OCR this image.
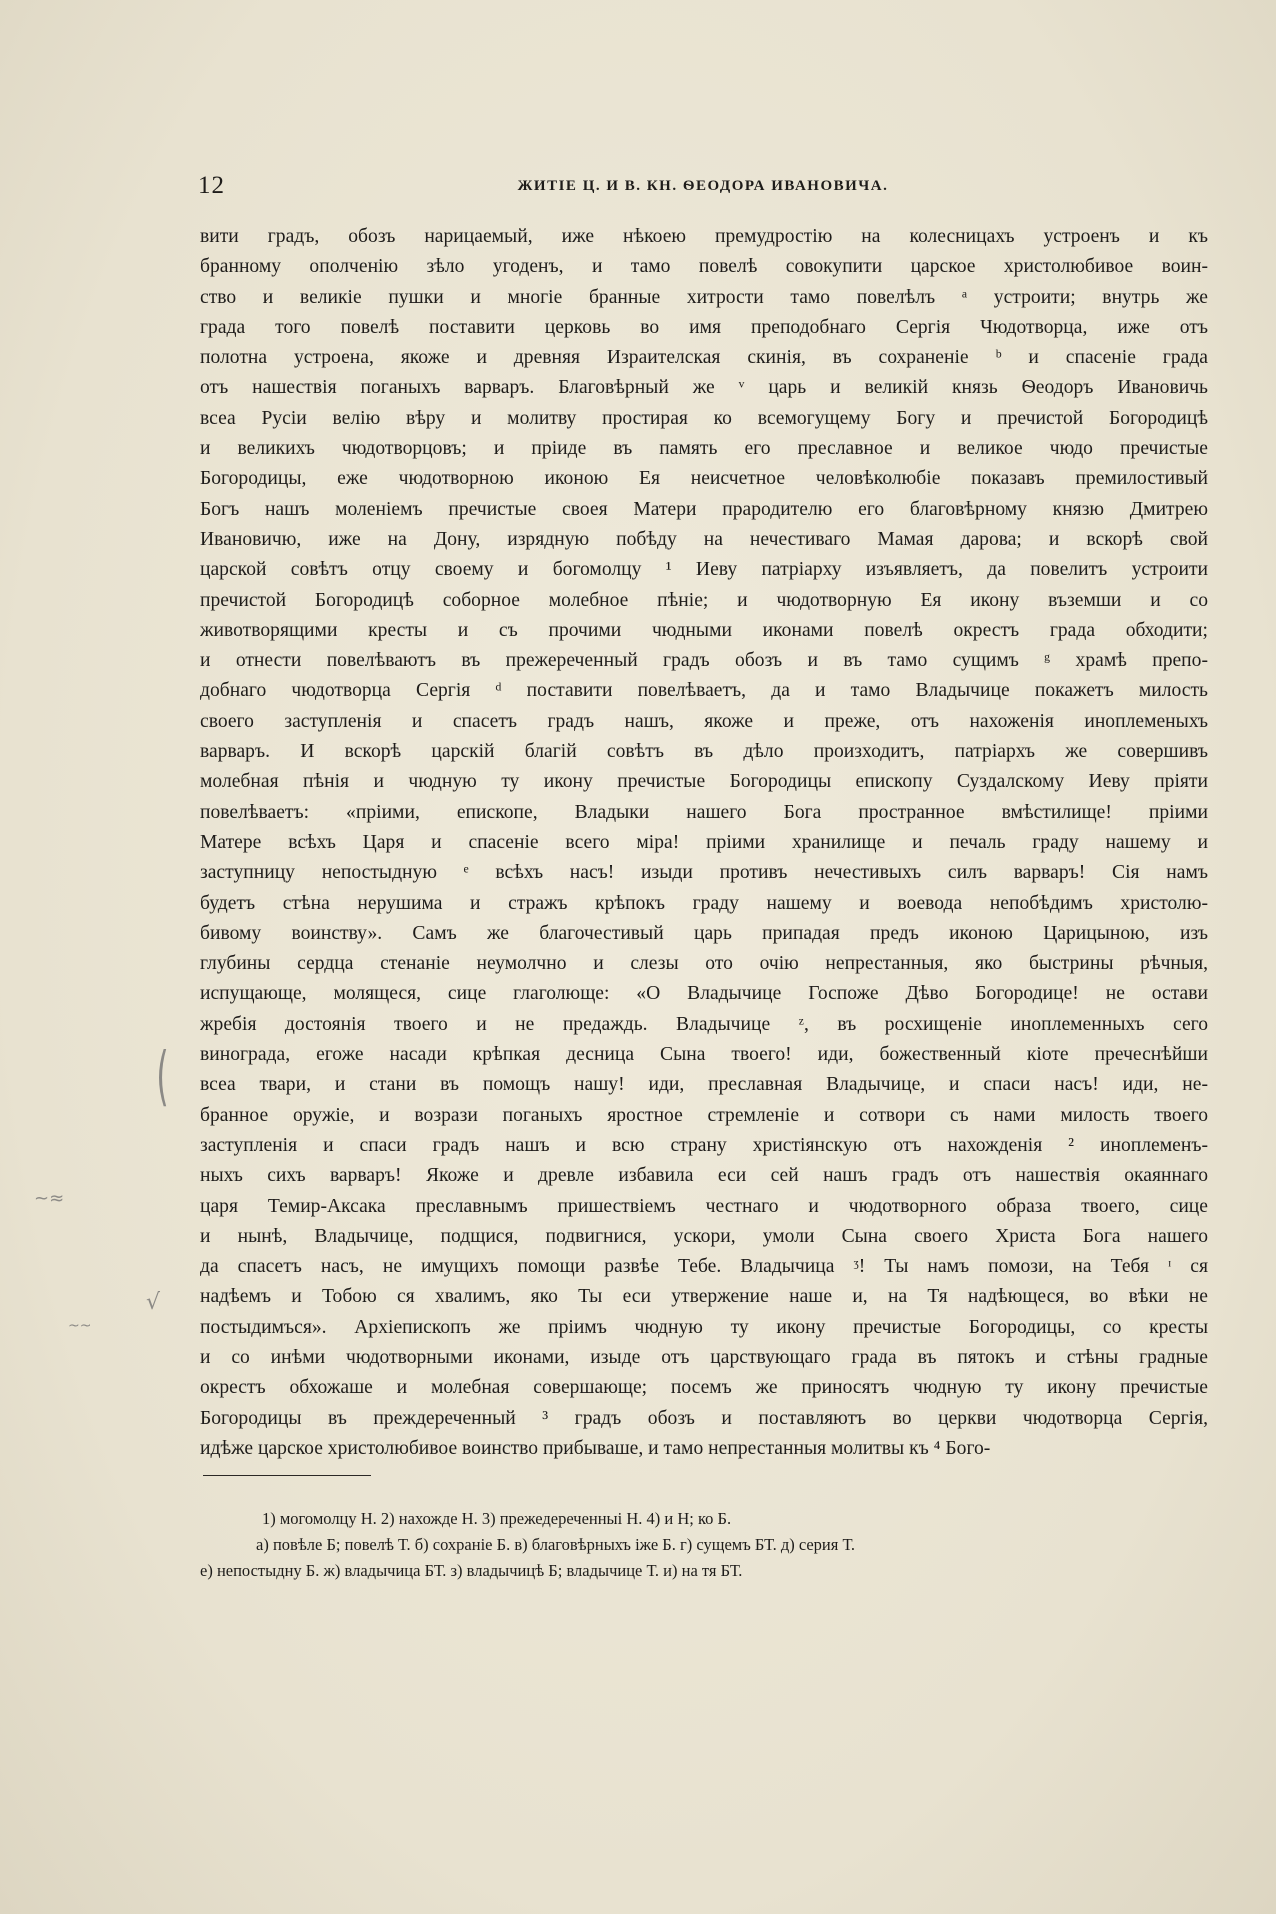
12	ЖИТІЕ Ц. И В. КН. ѲЕОДОРА ИВАНОВИЧА.
вити градъ, обозъ нарицаемый, иже нѣкоею премудростію на колесницахъ устроенъ и къ
бранному ополченію зѣло угоденъ, и тамо повелѣ совокупити царское христолюбивое воин-
ство и великіе пушки и многіе бранные хитрости тамо повелѣлъ ᵃ устроити; внутрь же
града того повелѣ поставити церковь во имя преподобнаго Сергія Чюдотворца, иже отъ
полотна устроена, якоже и древняя Израителская скинія, въ сохраненіе ᵇ и спасеніе града
отъ нашествія поганыхъ варваръ. Благовѣрный же ᵛ царь и великій князь Ѳеодоръ Ивановичь
всеа Русіи велію вѣру и молитву простирая ко всемогущему Богу и пречистой Богородицѣ
и великихъ чюдотворцовъ; и пріиде въ память его преславное и великое чюдо пречистые
Богородицы, еже чюдотворною иконою Ея неисчетное человѣколюбіе показавъ премилостивый
Богъ нашъ моленіемъ пречистые своея Матери прародителю его благовѣрному князю Дмитрею
Ивановичю, иже на Дону, изрядную побѣду на нечестиваго Мамая дарова; и вскорѣ свой
царской совѣтъ отцу своему и богомолцу ¹ Иеву патріарху изъявляетъ, да повелитъ устроити
пречистой Богородицѣ соборное молебное пѣніе; и чюдотворную Ея икону въземши и со
животворящими кресты и съ прочими чюдными иконами повелѣ окрестъ града обходити;
и отнести повелѣваютъ въ прежереченный градъ обозъ и въ тамо сущимъ ᵍ храмѣ препо-
добнаго чюдотворца Сергія ᵈ поставити повелѣваетъ, да и тамо Владычице покажетъ милость
своего заступленія и спасетъ градъ нашъ, якоже и преже, отъ нахоженія иноплеменыхъ
варваръ. И вскорѣ царскій благій совѣтъ въ дѣло произходитъ, патріархъ же совершивъ
молебная пѣнія и чюдную ту икону пречистые Богородицы епископу Суздалскому Иеву пріяти
повелѣваетъ: «пріими, епископе, Владыки нашего Бога пространное вмѣстилище! пріими
Матере всѣхъ Царя и спасеніе всего міра! пріими хранилище и печаль граду нашему и
заступницу непостыдную ᵉ всѣхъ насъ! изыди противъ нечестивыхъ силъ варваръ! Сія намъ
будетъ стѣна нерушима и стражъ крѣпокъ граду нашему и воевода непобѣдимъ христолю-
бивому воинству». Самъ же благочестивый царь припадая предъ иконою Царицыною, изъ
глубины сердца стенаніе неумолчно и слезы ото очію непрестанныя, яко быстрины рѣчныя,
испущающе, молящеся, сице глаголюще: «О Владычице Госпоже Дѣво Богородице! не остави
жребія достоянія твоего и не предаждь. Владычице ᶻ, въ росхищеніе иноплеменныхъ сего
винограда, егоже насади крѣпкая десница Сына твоего! иди, божественный кіоте пречеснѣйши
всеа твари, и стани въ помощъ нашу! иди, преславная Владычице, и спаси насъ! иди, не-
бранное оружіе, и возрази поганыхъ яростное стремленіе и сотвори съ нами милость твоего
заступленія и спаси градъ нашъ и всю страну христіянскую отъ нахожденія ² иноплеменъ-
ныхъ сихъ варваръ! Якоже и древле избавила еси сей нашъ градъ отъ нашествія окаяннаго
царя Темир-Аксака преславнымъ пришествіемъ честнаго и чюдотворного образа твоего, сице
и нынѣ, Владычице, подщися, подвигнися, ускори, умоли Сына своего Христа Бога нашего
да спасетъ насъ, не имущихъ помощи развѣе Тебе. Владычица ᶾ! Ты намъ помози, на Тебя ᶦ ся
надѣемъ и Тобою ся хвалимъ, яко Ты еси утвержение наше и, на Тя надѣющеся, во вѣки не
постыдимъся». Архіепископъ же пріимъ чюдную ту икону пречистые Богородицы, со кресты
и со инѣми чюдотворными иконами, изыде отъ царствующаго града въ пятокъ и стѣны градные
окрестъ обхожаше и молебная совершающе; посемъ же приносятъ чюдную ту икону пречистые
Богородицы въ преждереченный ³ градъ обозъ и поставляютъ во церкви чюдотворца Сергія,
идѣже царское христолюбивое воинство прибываше, и тамо непрестанныя молитвы къ ⁴ Бого-
1) могомолцу Н. 2) нахожде Н. 3) прежедереченныі Н. 4) и Н; ко Б.
а) повѣле Б; повелѣ Т. б) сохраніе Б. в) благовѣрныхъ іже Б. г) сущемъ БТ. д) серия Т.
е) непостыдну Б. ж) владычица БТ. з) владычицѣ Б; владычице Т. и) на тя БТ.
(
~≈
√
~~
